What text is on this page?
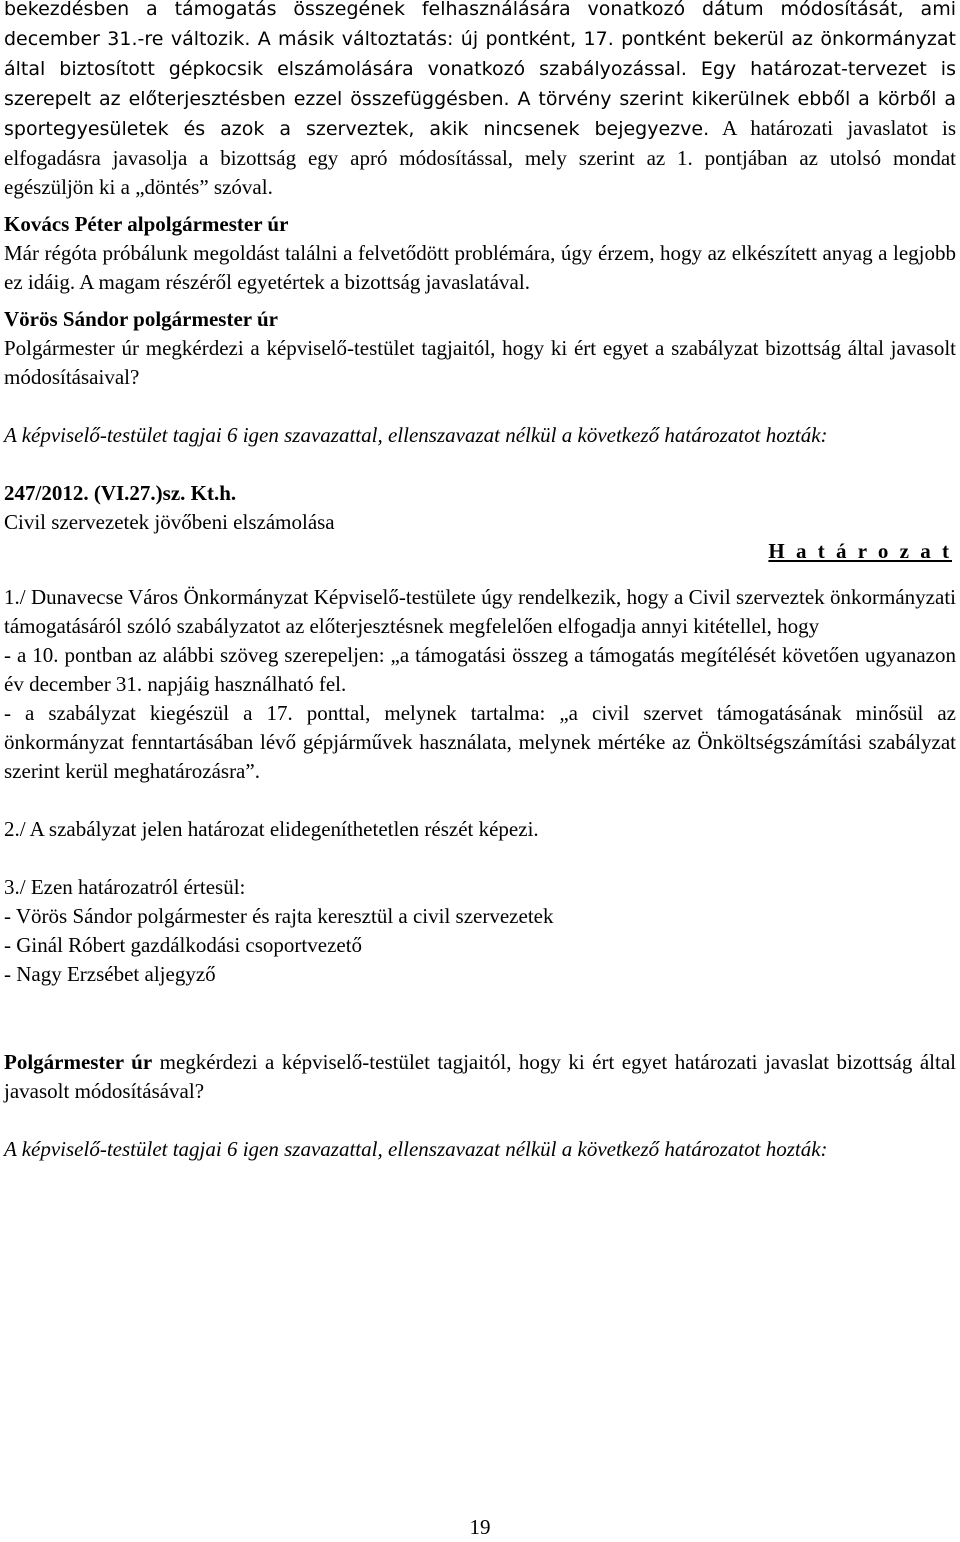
bekezdésben a támogatás összegének felhasználására vonatkozó dátum módosítását, ami december 31.-re változik. A másik változtatás: új pontként, 17. pontként bekerül az önkormányzat által biztosított gépkocsik elszámolására vonatkozó szabályozással. Egy határozat-tervezet is szerepelt az előterjesztésben ezzel összefüggésben. A törvény szerint kikerülnek ebből a körből a sportegyesületek és azok a szerveztek, akik nincsenek bejegyezve. A határozati javaslatot is elfogadásra javasolja a bizottság egy apró módosítással, mely szerint az 1. pontjában az utolsó mondat egészüljön ki a „döntés” szóval.

Kovács Péter alpolgármester úr

Már régóta próbálunk megoldást találni a felvetődött problémára, úgy érzem, hogy az elkészített anyag a legjobb ez idáig. A magam részéről egyetértek a bizottság javaslatával.

Vörös Sándor polgármester úr

Polgármester úr megkérdezi a képviselő-testület tagjaitól, hogy ki ért egyet a szabályzat bizottság által javasolt módosításaival?

A képviselő-testület tagjai 6 igen szavazattal, ellenszavazat nélkül a következő határozatot hozták:

247/2012. (VI.27.)sz. Kt.h.

Civil szervezetek jövőbeni elszámolása

H a t á r o z a t

1./ Dunavecse Város Önkormányzat Képviselő-testülete úgy rendelkezik, hogy a Civil szerveztek önkormányzati támogatásáról szóló szabályzatot az előterjesztésnek megfelelően elfogadja annyi kitétellel, hogy

- a 10. pontban az alábbi szöveg szerepeljen: „a támogatási összeg a támogatás megítélését követően ugyanazon év december 31. napjáig használható fel.

- a szabályzat kiegészül a 17. ponttal, melynek tartalma: „a civil szervet támogatásának minősül az önkormányzat fenntartásában lévő gépjárművek használata, melynek mértéke az Önköltségszámítási szabályzat szerint kerül meghatározásra”.

2./ A szabályzat jelen határozat elidegeníthetetlen részét képezi.

3./ Ezen határozatról értesül:

- Vörös Sándor polgármester és rajta keresztül a civil szervezetek

- Ginál Róbert gazdálkodási csoportvezető

- Nagy Erzsébet aljegyző

Polgármester úr megkérdezi a képviselő-testület tagjaitól, hogy ki ért egyet határozati javaslat bizottság által javasolt módosításával?

A képviselő-testület tagjai 6 igen szavazattal, ellenszavazat nélkül a következő határozatot hozták:

19
